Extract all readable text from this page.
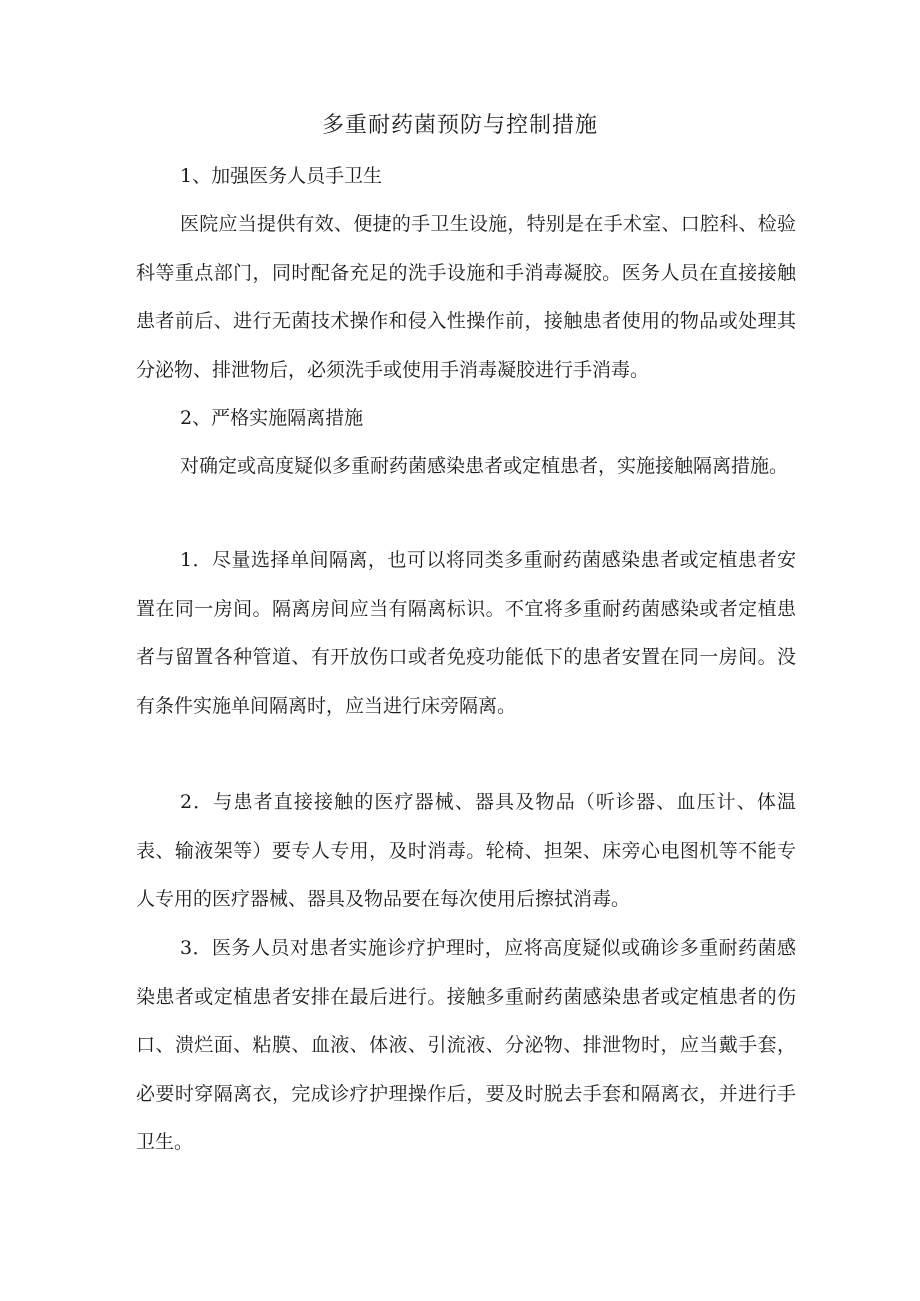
多重耐药菌预防与控制措施
1、加强医务人员手卫生
医院应当提供有效、便捷的手卫生设施，特别是在手术室、口腔科、检验科等重点部门，同时配备充足的洗手设施和手消毒凝胶。医务人员在直接接触患者前后、进行无菌技术操作和侵入性操作前，接触患者使用的物品或处理其分泌物、排泄物后，必须洗手或使用手消毒凝胶进行手消毒。
2、严格实施隔离措施
对确定或高度疑似多重耐药菌感染患者或定植患者，实施接触隔离措施。
1．尽量选择单间隔离，也可以将同类多重耐药菌感染患者或定植患者安置在同一房间。隔离房间应当有隔离标识。不宜将多重耐药菌感染或者定植患者与留置各种管道、有开放伤口或者免疫功能低下的患者安置在同一房间。没有条件实施单间隔离时，应当进行床旁隔离。
2．与患者直接接触的医疗器械、器具及物品（听诊器、血压计、体温表、输液架等）要专人专用，及时消毒。轮椅、担架、床旁心电图机等不能专人专用的医疗器械、器具及物品要在每次使用后擦拭消毒。
3．医务人员对患者实施诊疗护理时，应将高度疑似或确诊多重耐药菌感染患者或定植患者安排在最后进行。接触多重耐药菌感染患者或定植患者的伤口、溃烂面、粘膜、血液、体液、引流液、分泌物、排泄物时，应当戴手套，必要时穿隔离衣，完成诊疗护理操作后，要及时脱去手套和隔离衣，并进行手卫生。
